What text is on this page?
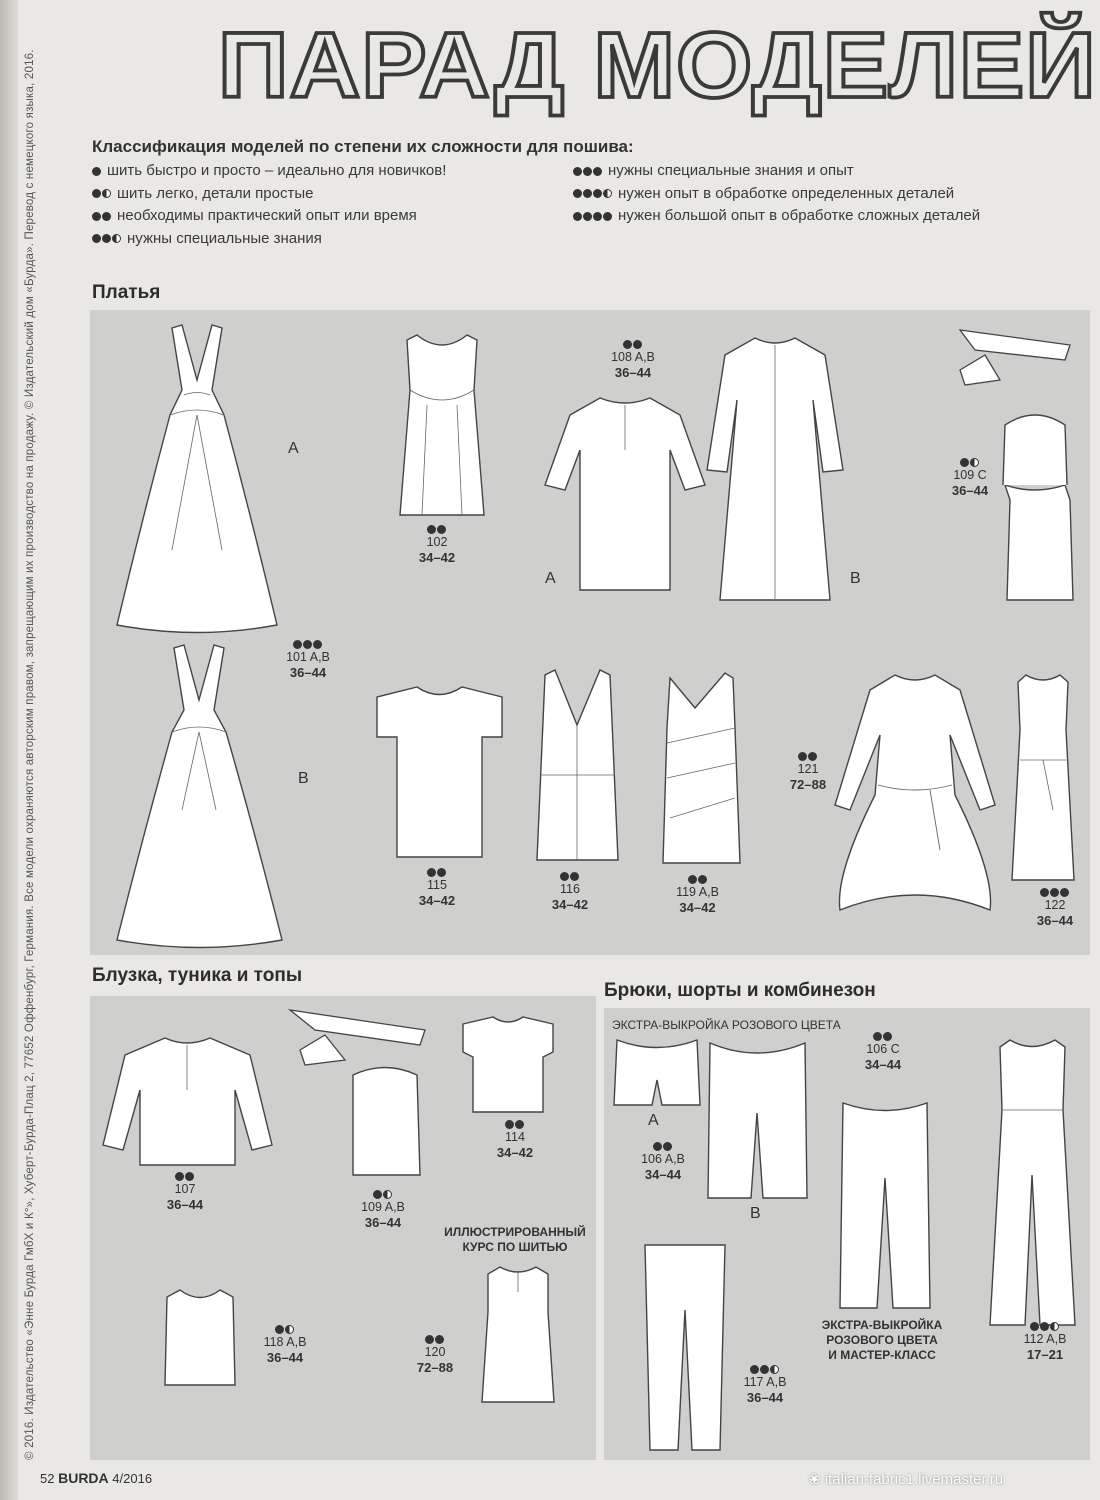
© 2016. Издательство «Энне Бурда ГмбХ и К°», Хуберт-Бурда-Плац 2, 77652 Оффенбург, Германия. Все модели охраняются авторским правом, запрещающим их производство на продажу. © Издательский дом «Бурда». Перевод с немецкого языка, 2016. ПАРАД МОДЕЛЕЙ
Классификация моделей по степени их сложности для пошива:
шить быстро и просто – идеально для новичков!
шить легко, детали простые
необходимы практический опыт или время
нужны специальные знания
нужны специальные знания и опыт
нужен опыт в обработке определенных деталей
нужен большой опыт в обработке сложных деталей
Платья
Блузка, туника и топы
Брюки, шорты и комбинезон
A
B
A	B
A
B
ИЛЛЮСТРИРОВАННЫЙ
КУРС ПО ШИТЬЮ
ЭКСТРА-ВЫКРОЙКА РОЗОВОГО ЦВЕТА
ЭКСТРА-ВЫКРОЙКА
РОЗОВОГО ЦВЕТА
И МАСТЕР-КЛАСС
101 A,B
36–44
102
34–42
108 A,B
36–44
109 C
36–44
115
34–42
116
34–42
119 A,B
34–42
121
72–88
122
36–44
107
36–44	109 A,B
36–44
114
34–42
118 A,B
36–44	120
72–88
106 A,B
34–44
106 C
34–44
117 A,B
36–44
112 A,B
17–21
52 BURDA 4/2016	❀ italian-fabric1.livemaster.ru
